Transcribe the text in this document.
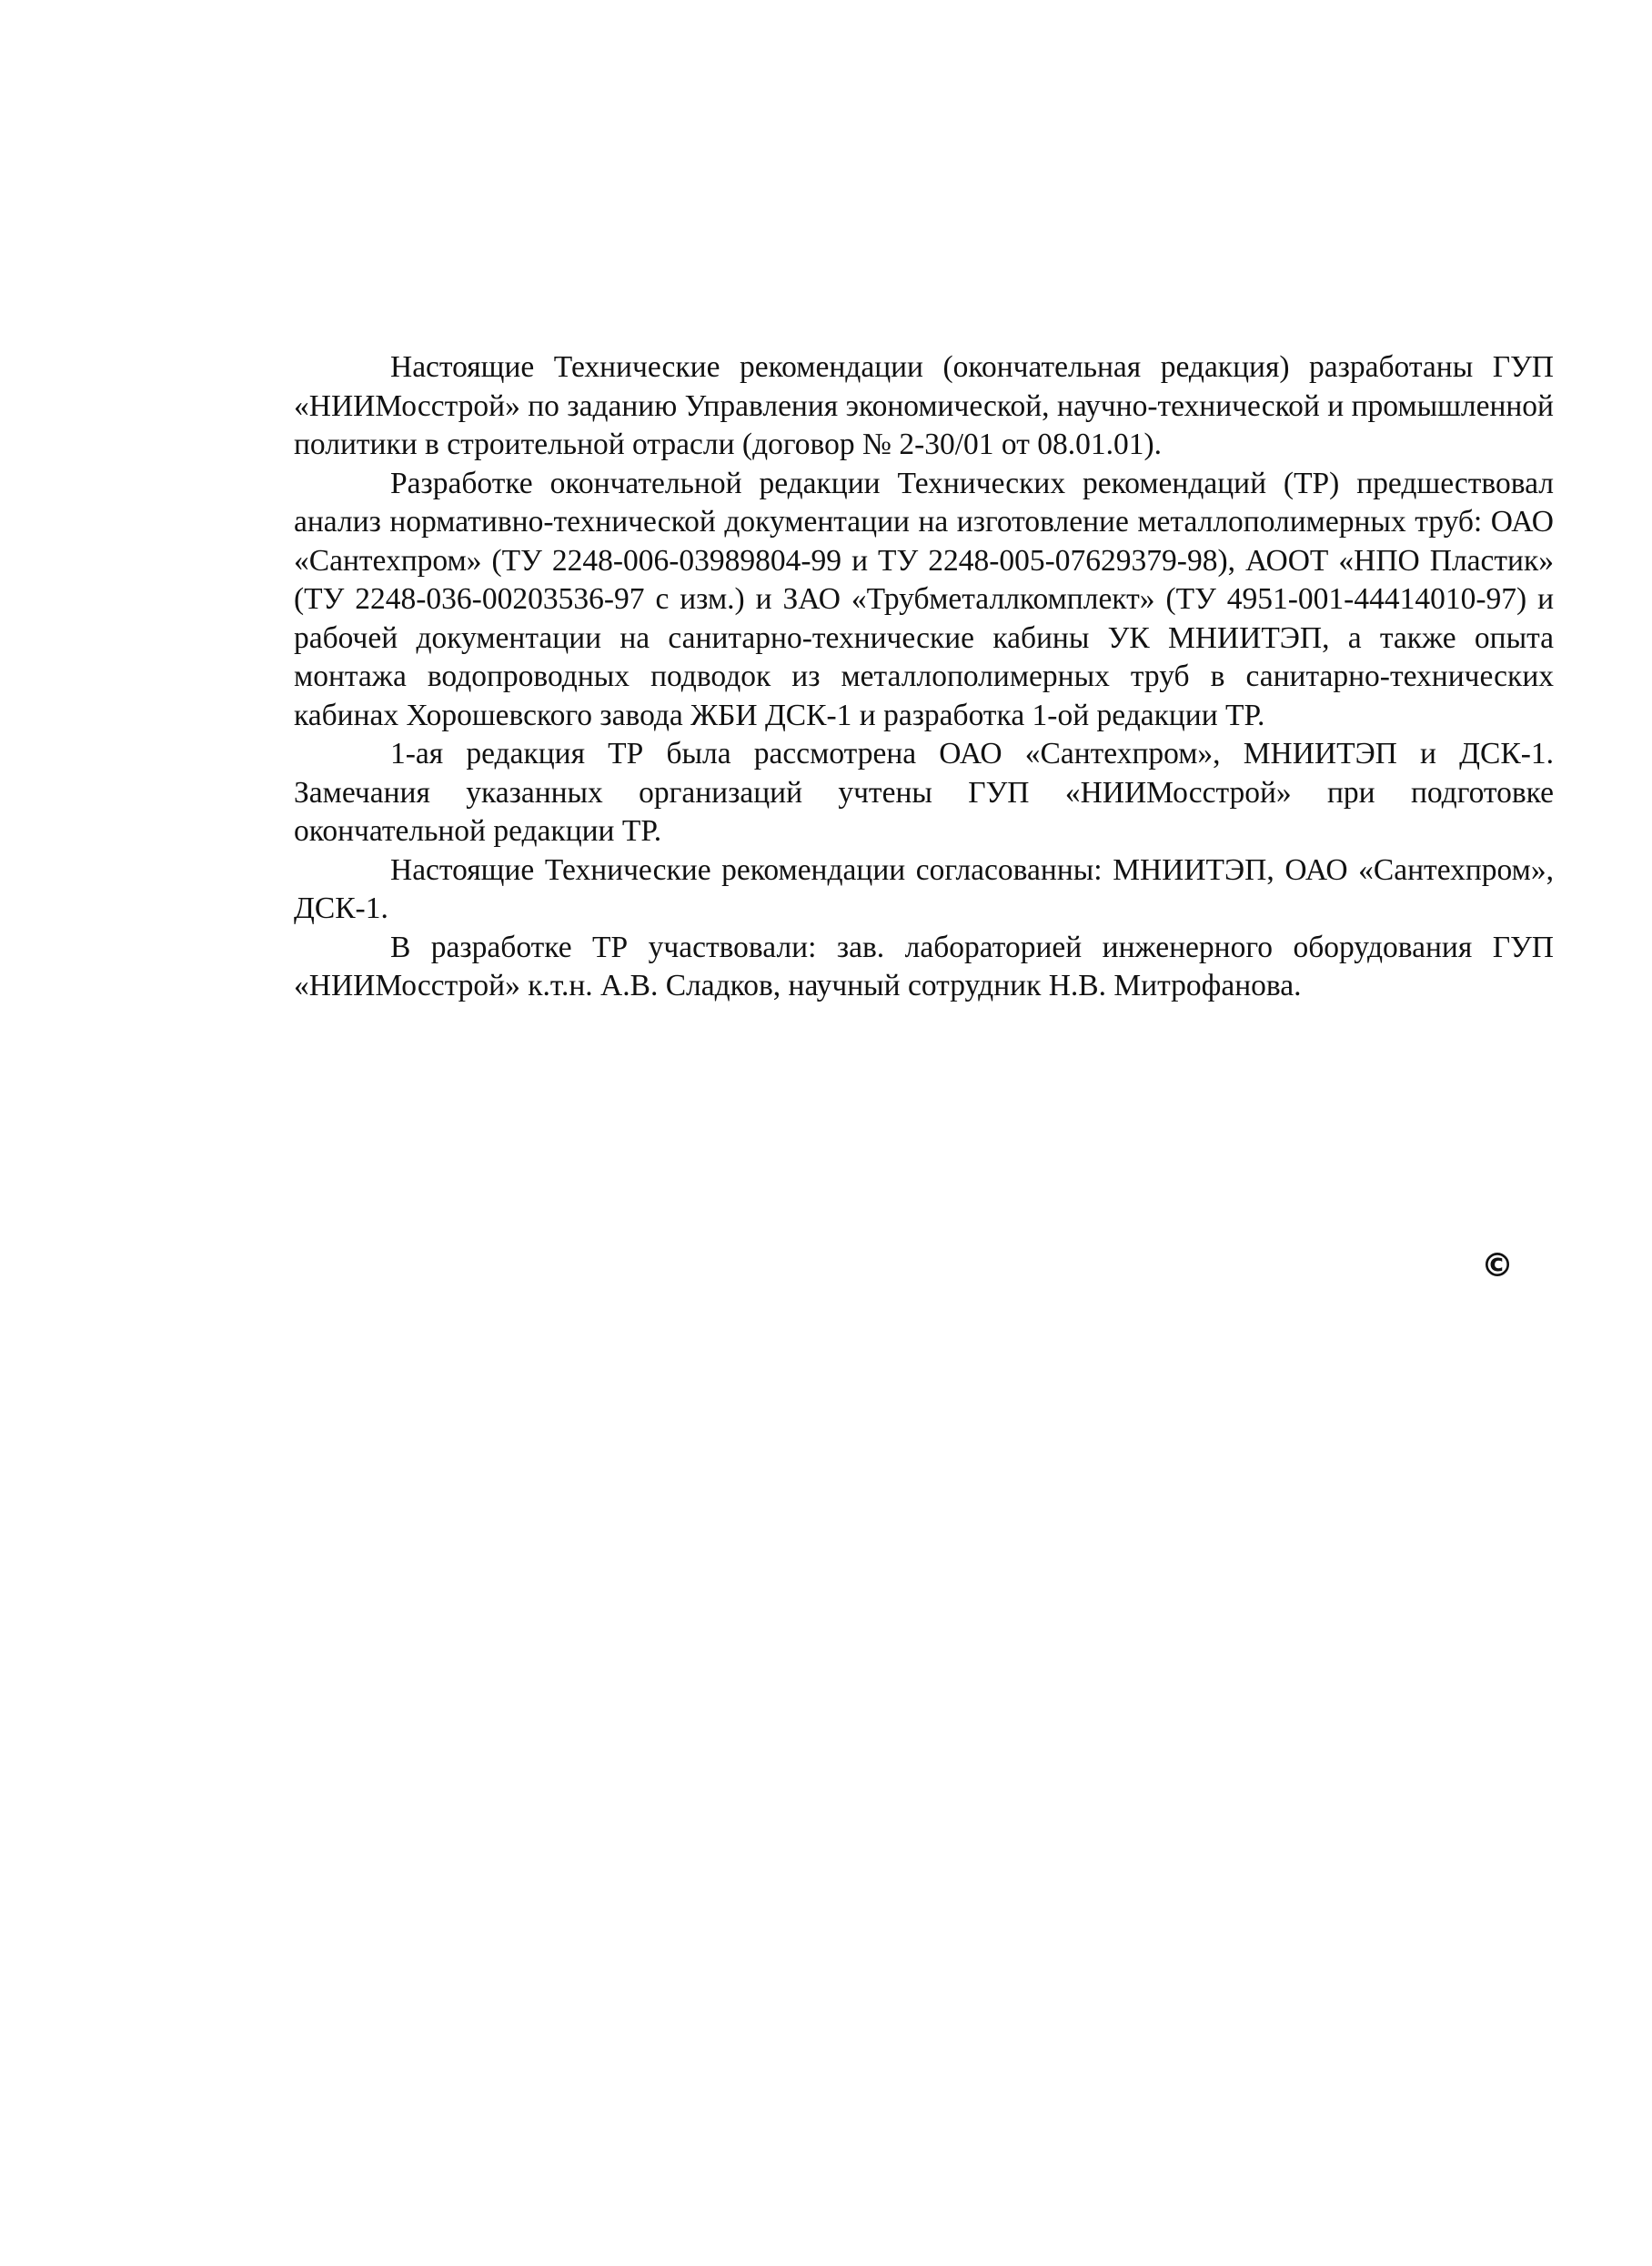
Настоящие Технические рекомендации (окончательная редакция) разработаны ГУП «НИИМосстрой» по заданию Управления экономической, научно-технической и промышленной политики в строительной отрасли (договор № 2-30/01 от 08.01.01).

Разработке окончательной редакции Технических рекомендаций (ТР) предшествовал анализ нормативно-технической документации на изготовление металлополимерных труб: ОАО «Сантехпром» (ТУ 2248-006-03989804-99 и ТУ 2248-005-07629379-98), АООТ «НПО Пластик» (ТУ 2248-036-00203536-97 с изм.) и ЗАО «Трубметаллкомплект» (ТУ 4951-001-44414010-97) и рабочей документации на санитарно-технические кабины УК МНИИТЭП, а также опыта монтажа водопроводных подводок из металлополимерных труб в санитарно-технических кабинах Хорошевского завода ЖБИ ДСК-1 и разработка 1-ой редакции ТР.

1-ая редакция ТР была рассмотрена ОАО «Сантехпром», МНИИТЭП и ДСК-1. Замечания указанных организаций учтены ГУП «НИИМосстрой» при подготовке окончательной редакции ТР.

Настоящие Технические рекомендации согласованны: МНИИТЭП, ОАО «Сантехпром», ДСК-1.

В разработке ТР участвовали: зав. лабораторией инженерного оборудования ГУП «НИИМосстрой» к.т.н. А.В. Сладков, научный сотрудник Н.В. Митрофанова.

©
